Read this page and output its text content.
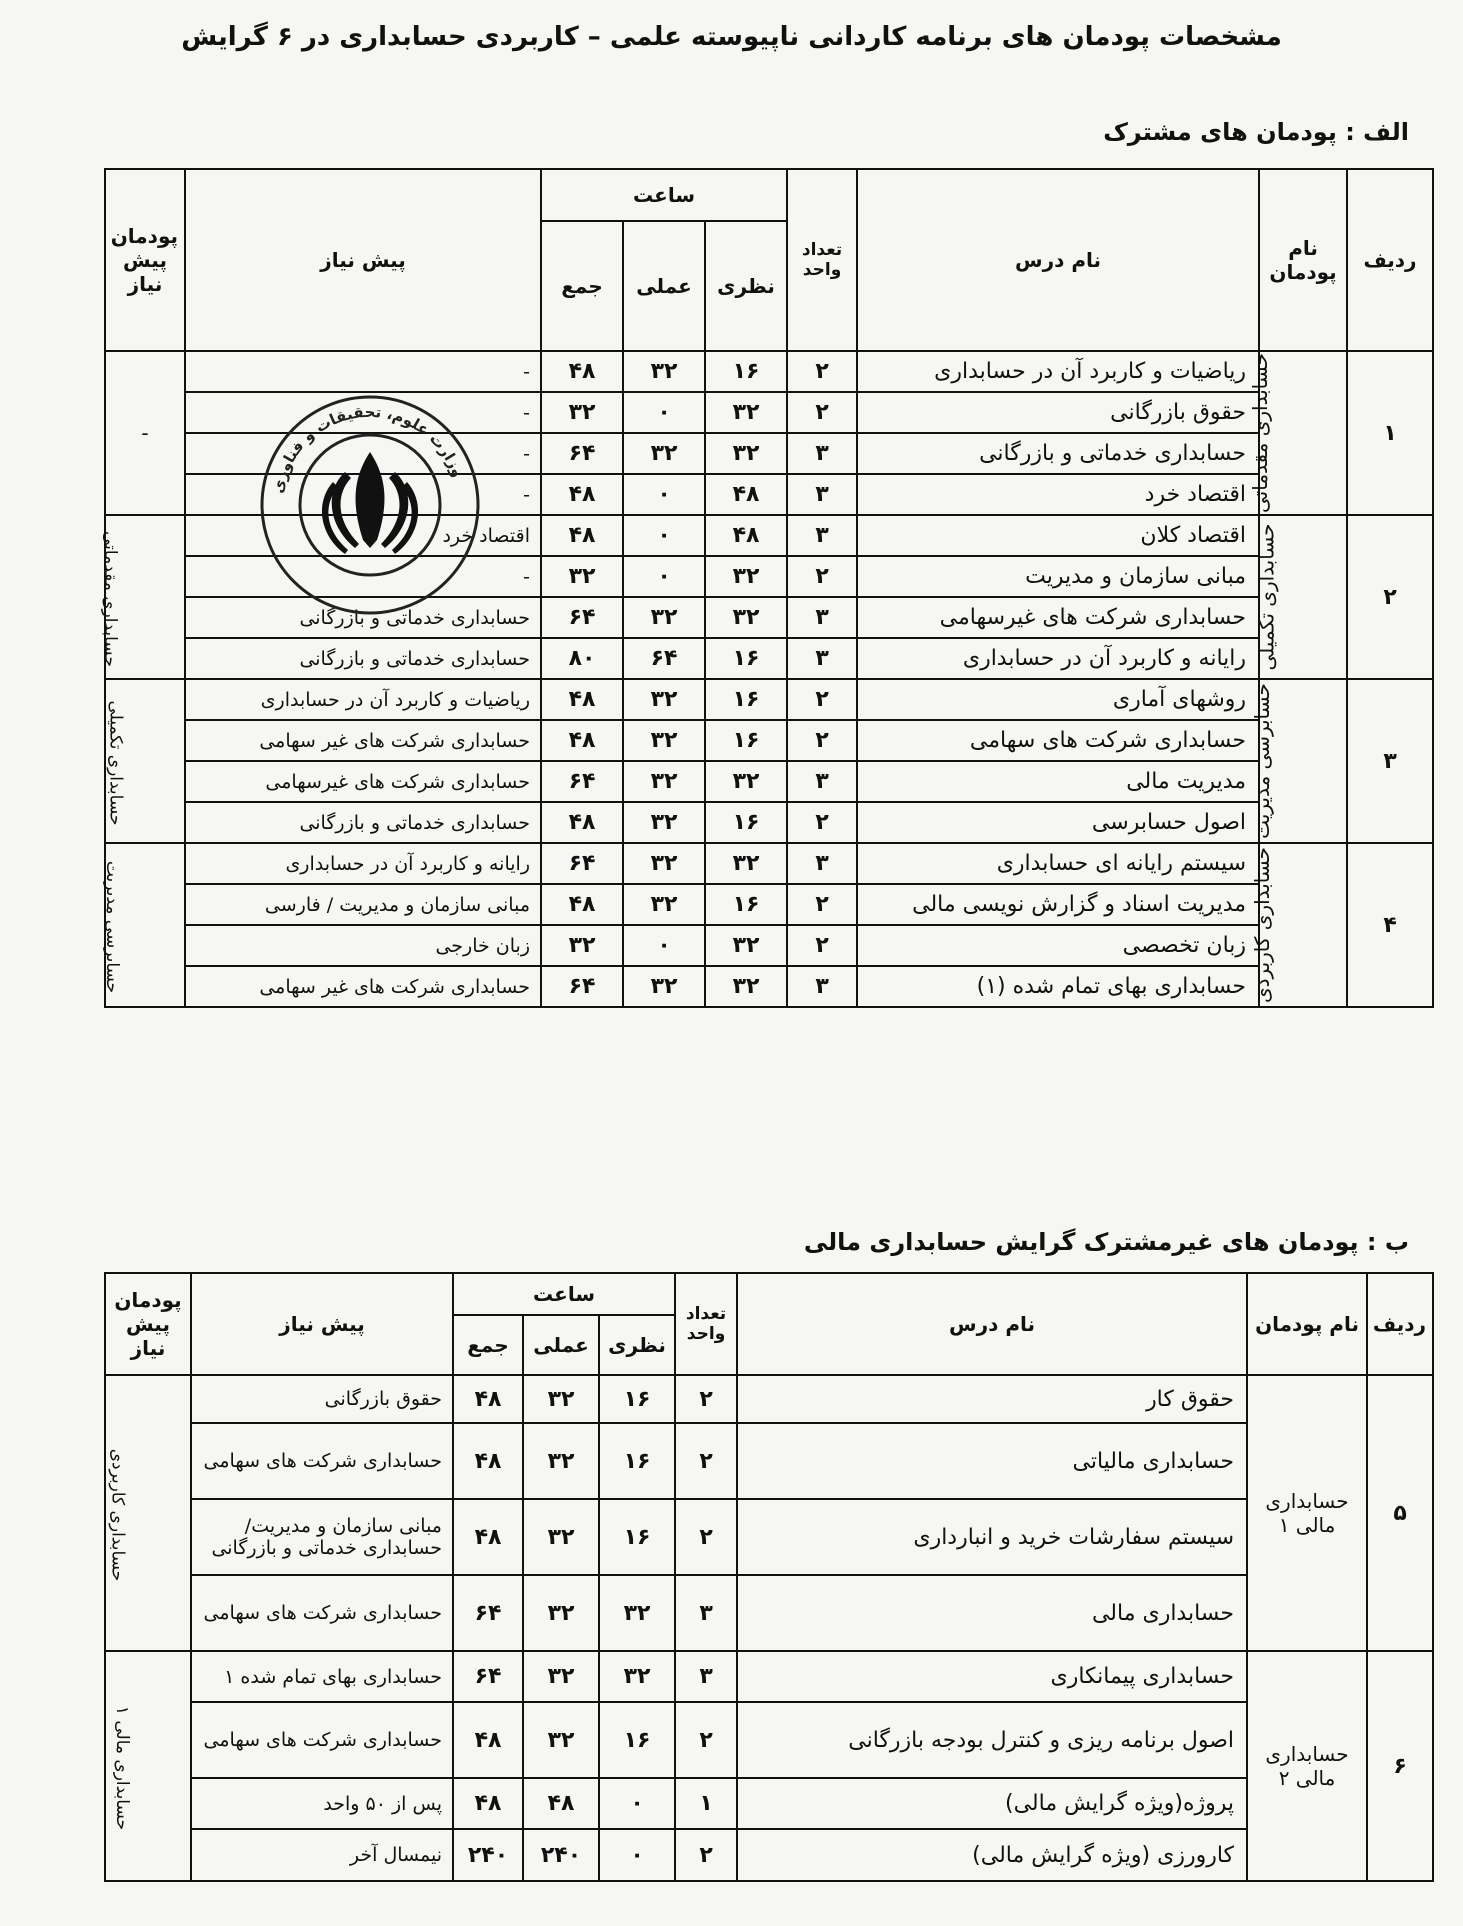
مشخصات پودمان های برنامه کاردانی ناپیوسته علمی – کاربردی حسابداری در ۶ گرایش
الف : پودمان های مشترک
ردیف	نام پودمان	نام درس	تعداد واحد	ساعت			پیش نیاز	پودمان پیش نیاز
				نظری	عملی	جمع		
۱	حسابداری مقدماتی	ریاضیات و کاربرد آن در حسابداری	۲	۱۶	۳۲	۴۸	-	-
		حقوق بازرگانی	۲	۳۲	۰	۳۲	-	
		حسابداری خدماتی و بازرگانی	۳	۳۲	۳۲	۶۴	-	
		اقتصاد خرد	۳	۴۸	۰	۴۸	-	
۲	حسابداری تکمیلی	اقتصاد کلان	۳	۴۸	۰	۴۸	اقتصاد خرد	حسابداری مقدماتی
		مبانی سازمان و مدیریت	۲	۳۲	۰	۳۲	-	
		حسابداری شرکت های غیرسهامی	۳	۳۲	۳۲	۶۴	حسابداری خدماتی و بازرگانی	
		رایانه و کاربرد آن در حسابداری	۳	۱۶	۶۴	۸۰	حسابداری خدماتی و بازرگانی	
۳	حسابرسی مدیریت	روشهای آماری	۲	۱۶	۳۲	۴۸	ریاضیات و کاربرد آن در حسابداری	حسابداری تکمیلی
		حسابداری شرکت های سهامی	۲	۱۶	۳۲	۴۸	حسابداری شرکت های غیر سهامی	
		مدیریت مالی	۳	۳۲	۳۲	۶۴	حسابداری شرکت های غیرسهامی	
		اصول حسابرسی	۲	۱۶	۳۲	۴۸	حسابداری خدماتی و بازرگانی	
۴	حسابداری کاربردی	سیستم رایانه ای حسابداری	۳	۳۲	۳۲	۶۴	رایانه و کاربرد آن در حسابداری	حسابرسی مدیریت
		مدیریت اسناد و گزارش نویسی مالی	۲	۱۶	۳۲	۴۸	مبانی سازمان و مدیریت / فارسی	
		زبان تخصصی	۲	۳۲	۰	۳۲	زبان خارجی	
		حسابداری بهای تمام شده (۱)	۳	۳۲	۳۲	۶۴	حسابداری شرکت های غیر سهامی	
ب : پودمان های غیرمشترک گرایش حسابداری مالی
ردیف	نام پودمان	نام درس	تعداد واحد	ساعت			پیش نیاز	پودمان پیش نیاز
				نظری	عملی	جمع		
۵	حسابداری مالی ۱	حقوق کار	۲	۱۶	۳۲	۴۸	حقوق بازرگانی	حسابداری کاربردی
		حسابداری مالیاتی	۲	۱۶	۳۲	۴۸	حسابداری شرکت های سهامی	
		سیستم سفارشات خرید و انبارداری	۲	۱۶	۳۲	۴۸	مبانی سازمان و مدیریت/ حسابداری خدماتی و بازرگانی	
		حسابداری مالی	۳	۳۲	۳۲	۶۴	حسابداری شرکت های سهامی	
۶	حسابداری مالی ۲	حسابداری پیمانکاری	۳	۳۲	۳۲	۶۴	حسابداری بهای تمام شده ۱	حسابداری مالی ۱
		اصول برنامه ریزی و کنترل بودجه بازرگانی	۲	۱۶	۳۲	۴۸	حسابداری شرکت های سهامی	
		پروژه(ویژه گرایش مالی)	۱	۰	۴۸	۴۸	پس از ۵۰ واحد	
		کارورزی (ویژه گرایش مالی)	۲	۰	۲۴۰	۲۴۰	نیمسال آخر	
وزارت علوم، تحقیقات و فناوری
